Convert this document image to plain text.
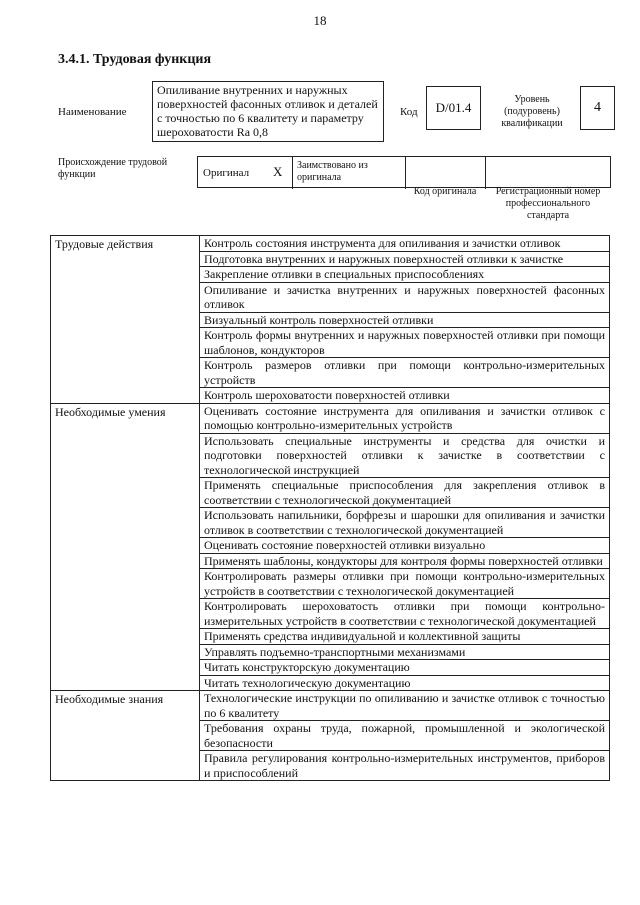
18
3.4.1. Трудовая функция
Наименование
Опиливание внутренних и наружных поверхностей фасонных отливок и деталей с точностью по 6 квалитету и параметру шероховатости Ra 0,8
Код	D/01.4
Уровень (подуровень) квалификации
4
Происхождение трудовой функции	Оригинал X Заимствовано из оригинала
Код оригинала	Регистрационный номер профессионального стандарта
Трудовые действия	Контроль состояния инструмента для опиливания и зачистки отливок
	Подготовка внутренних и наружных поверхностей отливки к зачистке
	Закрепление отливки в специальных приспособлениях
	Опиливание и зачистка внутренних и наружных поверхностей фасонных отливок
	Визуальный контроль поверхностей отливки
	Контроль формы внутренних и наружных поверхностей отливки при помощи шаблонов, кондукторов
	Контроль размеров отливки при помощи контрольно-измерительных устройств
	Контроль шероховатости поверхностей отливки
Необходимые умения	Оценивать состояние инструмента для опиливания и зачистки отливок с помощью контрольно-измерительных устройств
	Использовать специальные инструменты и средства для очистки и подготовки поверхностей отливки к зачистке в соответствии с технологической инструкцией
	Применять специальные приспособления для закрепления отливок в соответствии с технологической документацией
	Использовать напильники, борфрезы и шарошки для опиливания и зачистки отливок в соответствии с технологической документацией
	Оценивать состояние поверхностей отливки визуально
	Применять шаблоны, кондукторы для контроля формы поверхностей отливки
	Контролировать размеры отливки при помощи контрольно-измерительных устройств в соответствии с технологической документацией
	Контролировать шероховатость отливки при помощи контрольно-измерительных устройств в соответствии с технологической документацией
	Применять средства индивидуальной и коллективной защиты
	Управлять подъемно-транспортными механизмами
	Читать конструкторскую документацию
	Читать технологическую документацию
Необходимые знания	Технологические инструкции по опиливанию и зачистке отливок с точностью по 6 квалитету
	Требования охраны труда, пожарной, промышленной и экологической безопасности
	Правила регулирования контрольно-измерительных инструментов, приборов и приспособлений
